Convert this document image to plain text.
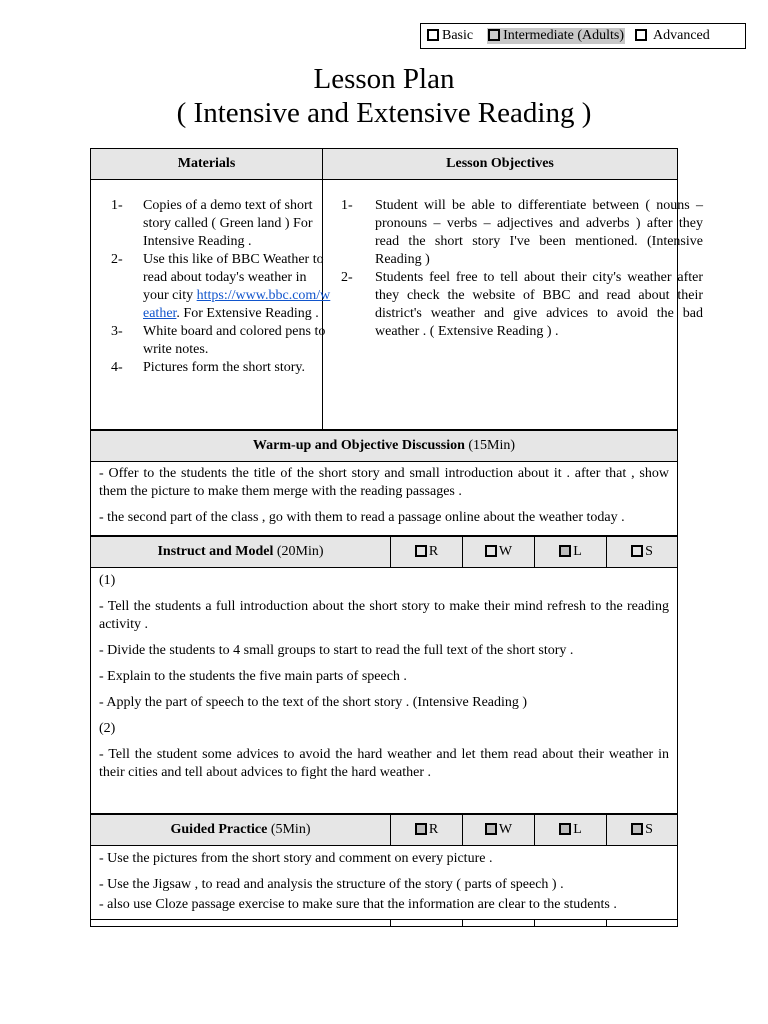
Basic Intermediate (Adults) Advanced
Lesson Plan
( Intensive and Extensive Reading )
Materials	Lesson Objectives
1- Copies of a demo text of short story called ( Green land ) For Intensive Reading .
2- Use this like of BBC Weather to read about today's weather in your city https://www.bbc.com/weather. For Extensive Reading .
3- White board and colored pens to write notes.
4- Pictures form the short story.
1- Student will be able to differentiate between ( nouns – pronouns – verbs – adjectives and adverbs ) after they read the short story I've been mentioned. (Intensive Reading )
2- Students feel free to tell about their city's weather after they check the website of BBC and read about their district's weather and give advices to avoid the bad weather . ( Extensive Reading ) .
Warm-up and Objective Discussion (15Min)

- Offer to the students the title of the short story and small introduction about it . after that , show them the picture to make them merge with the reading passages .

- the second part of the class , go with them to read a passage online about the weather today .

Instruct and Model (20Min)	R	W	L	S

(1)

- Tell the students a full introduction about the short story to make their mind refresh to the reading activity .

- Divide the students to 4 small groups to start to read the full text of the short story .

- Explain to the students the five main parts of speech .

- Apply the part of speech to the text of the short story . (Intensive Reading )

(2)

- Tell the student some advices to avoid the hard weather and let them read about their weather in their cities and tell about advices to fight the hard weather .

Guided Practice (5Min)	R	W	L	S

- Use the pictures from the short story and comment on every picture .

- Use the Jigsaw , to read and analysis the structure of the story ( parts of speech ) .

- also use Cloze passage exercise to make sure that the information are clear to the students .
